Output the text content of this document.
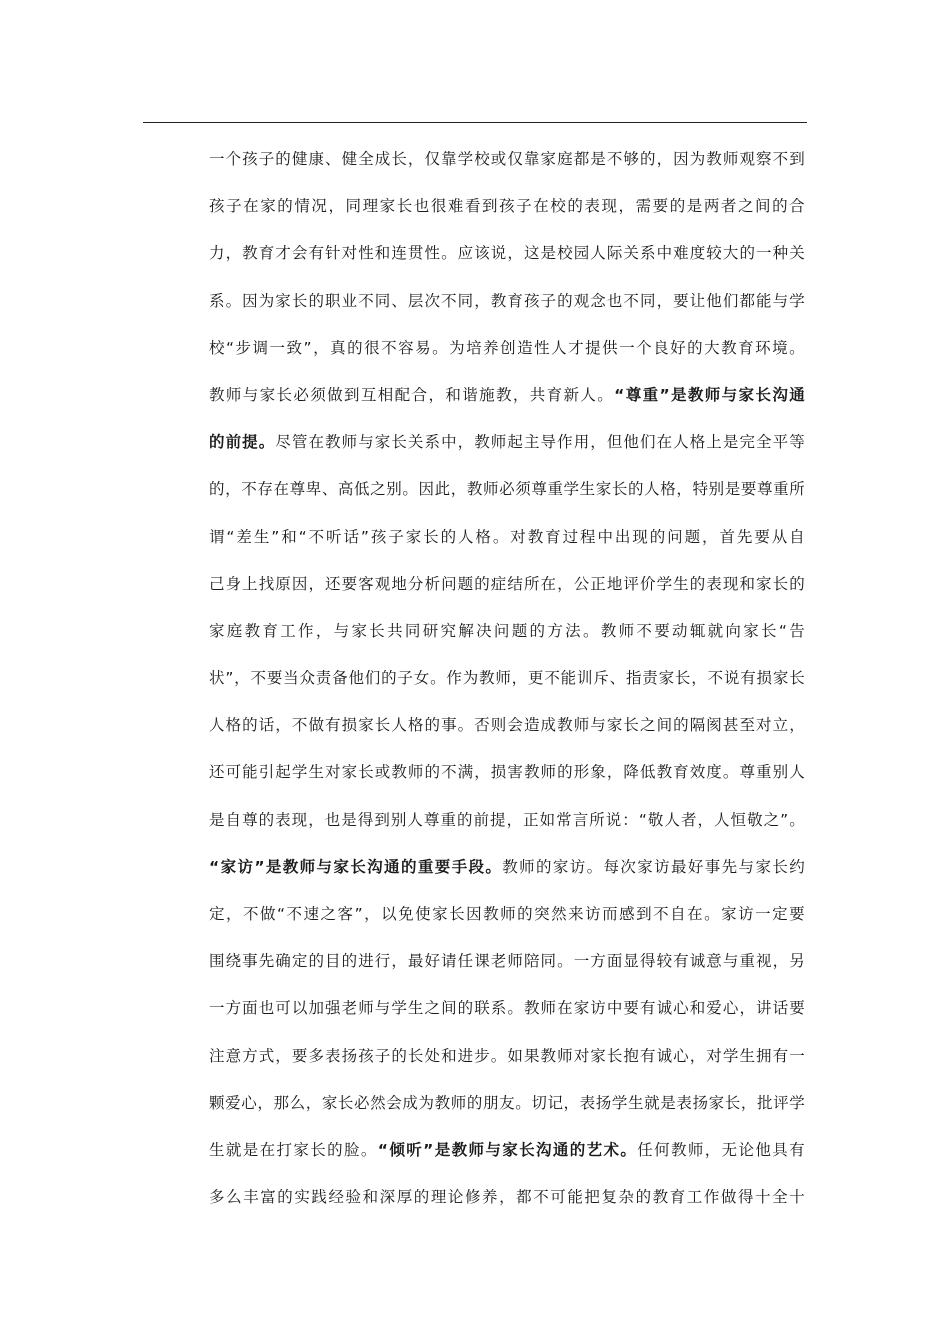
一个孩子的健康、健全成长，仅靠学校或仅靠家庭都是不够的，因为教师观察不到
孩子在家的情况，同理家长也很难看到孩子在校的表现，需要的是两者之间的合
力，教育才会有针对性和连贯性。应该说，这是校园人际关系中难度较大的一种关
系。因为家长的职业不同、层次不同，教育孩子的观念也不同，要让他们都能与学
校“步调一致”，真的很不容易。为培养创造性人才提供一个良好的大教育环境。
教师与家长必须做到互相配合，和谐施教，共育新人。“尊重”是教师与家长沟通
的前提。尽管在教师与家长关系中，教师起主导作用，但他们在人格上是完全平等
的，不存在尊卑、高低之别。因此，教师必须尊重学生家长的人格，特别是要尊重所
谓“差生”和“不听话”孩子家长的人格。对教育过程中出现的问题，首先要从自
己身上找原因，还要客观地分析问题的症结所在，公正地评价学生的表现和家长的
家庭教育工作，与家长共同研究解决问题的方法。教师不要动辄就向家长“告
状”，不要当众责备他们的子女。作为教师，更不能训斥、指责家长，不说有损家长
人格的话，不做有损家长人格的事。否则会造成教师与家长之间的隔阂甚至对立，
还可能引起学生对家长或教师的不满，损害教师的形象，降低教育效度。尊重别人
是自尊的表现，也是得到别人尊重的前提，正如常言所说：“敬人者，人恒敬之”。
“家访”是教师与家长沟通的重要手段。教师的家访。每次家访最好事先与家长约
定，不做“不速之客”，以免使家长因教师的突然来访而感到不自在。家访一定要
围绕事先确定的目的进行，最好请任课老师陪同。一方面显得较有诚意与重视，另
一方面也可以加强老师与学生之间的联系。教师在家访中要有诚心和爱心，讲话要
注意方式，要多表扬孩子的长处和进步。如果教师对家长抱有诚心，对学生拥有一
颗爱心，那么，家长必然会成为教师的朋友。切记，表扬学生就是表扬家长，批评学
生就是在打家长的脸。“倾听”是教师与家长沟通的艺术。任何教师，无论他具有
多么丰富的实践经验和深厚的理论修养，都不可能把复杂的教育工作做得十全十
